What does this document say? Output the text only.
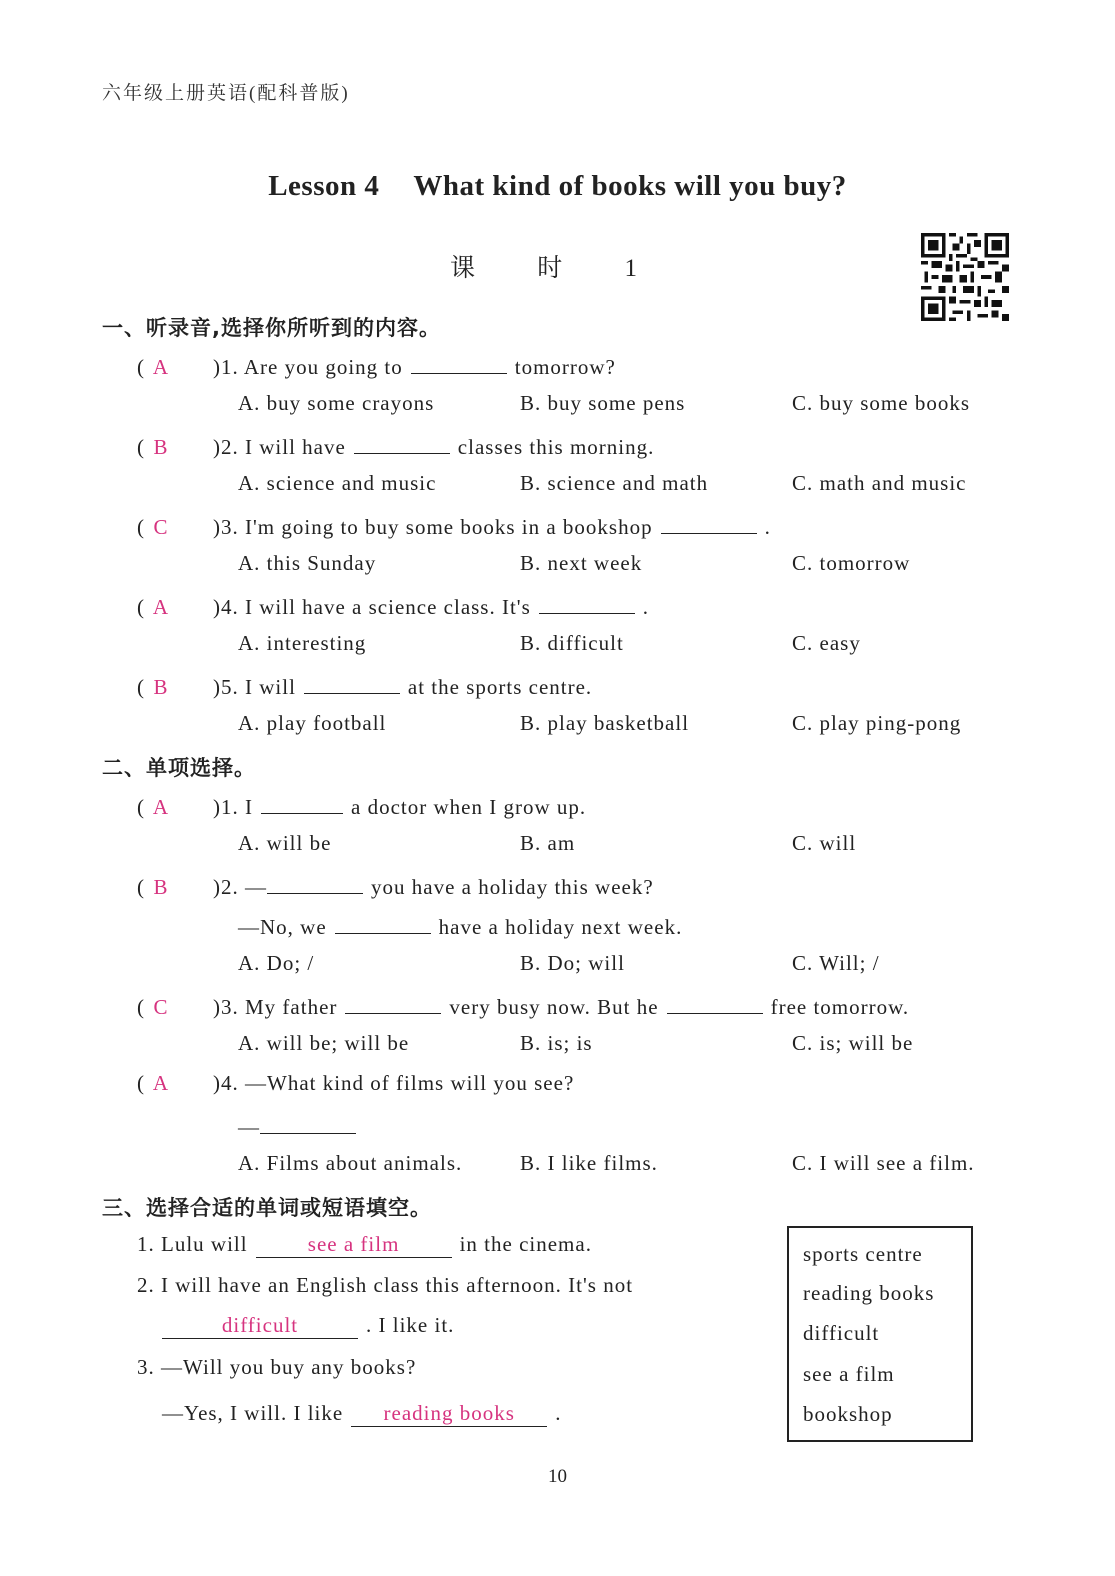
六年级上册英语(配科普版)
Lesson 4 What kind of books will you buy?
课 时 1
一、听录音,选择你所听到的内容。
( A )1. Are you going to	tomorrow?
A. buy some crayons	B. buy some pens	C. buy some books
( B )2. I will have	classes this morning.
A. science and music	B. science and math	C. math and music
( C )3. I'm going to buy some books in a bookshop	.
A. this Sunday	B. next week	C. tomorrow
( A )4. I will have a science class. It's	.
A. interesting	B. difficult	C. easy
( B )5. I will	at the sports centre.
A. play football	B. play basketball	C. play ping-pong
二、单项选择。
( A )1. I	a doctor when I grow up.
A. will be	B. am	C. will
( B )2. —	you have a holiday this week?
—No, we	have a holiday next week.
A. Do; /	B. Do; will	C. Will; /
( C )3. My father	very busy now. But he	free tomorrow.
A. will be; will be	B. is; is	C. is; will be
( A )4. —What kind of films will you see?
—
A. Films about animals.	B. I like films.	C. I will see a film.
三、选择合适的单词或短语填空。
1. Lulu will	see a film	in the cinema.
2. I will have an English class this afternoon. It's not
difficult	. I like it.
3. —Will you buy any books?
—Yes, I will. I like reading books .
sports centre
reading books
difficult
see a film
bookshop
10
